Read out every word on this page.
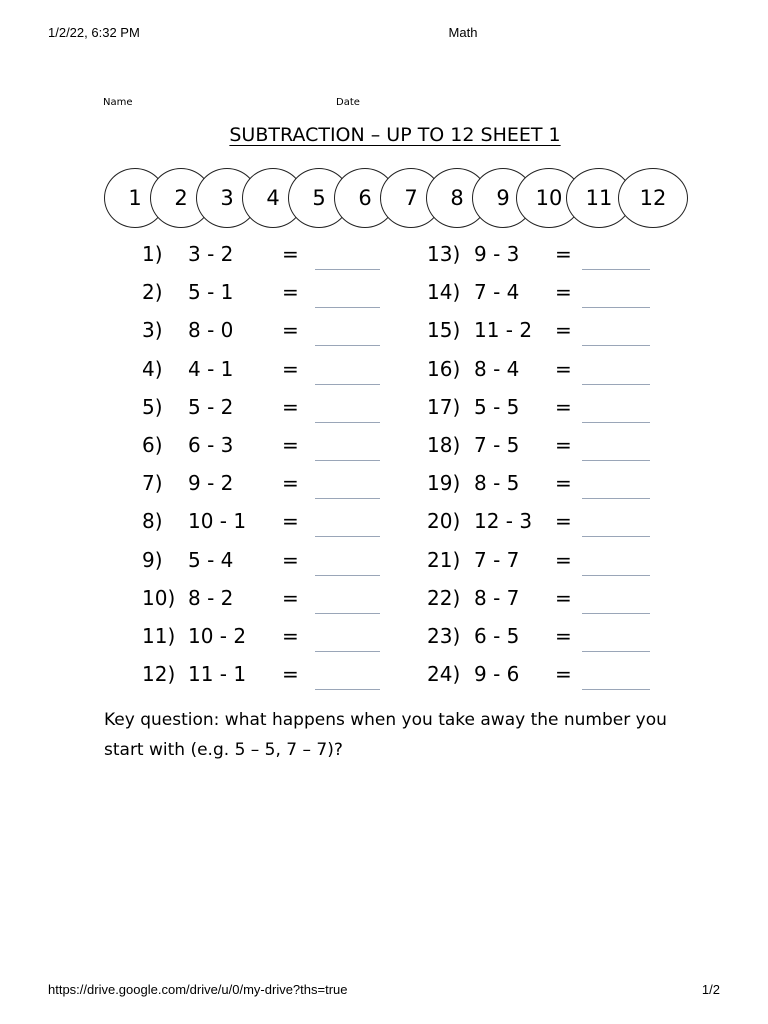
1/2/22, 6:32 PM	Math
Name	Date
SUBTRACTION – UP TO 12 SHEET 1
1	2	3	4	5	6	7	8	9	10	11	12
1) 3 - 2 =
2) 5 - 1 =
3) 8 - 0 =
4) 4 - 1 =
5) 5 - 2 =
6) 6 - 3 =
7) 9 - 2 =
8) 10 - 1 =
9) 5 - 4 =
10) 8 - 2 =
11) 10 - 2 =
12) 11 - 1 =
13) 9 - 3 =
14) 7 - 4 =
15) 11 - 2 =
16) 8 - 4 =
17) 5 - 5 =
18) 7 - 5 =
19) 8 - 5 =
20) 12 - 3 =
21) 7 - 7 =
22) 8 - 7 =
23) 6 - 5 =
24) 9 - 6 =
Key question: what happens when you take away the number you start with (e.g. 5 – 5, 7 – 7)?
https://drive.google.com/drive/u/0/my-drive?ths=true	1/2
